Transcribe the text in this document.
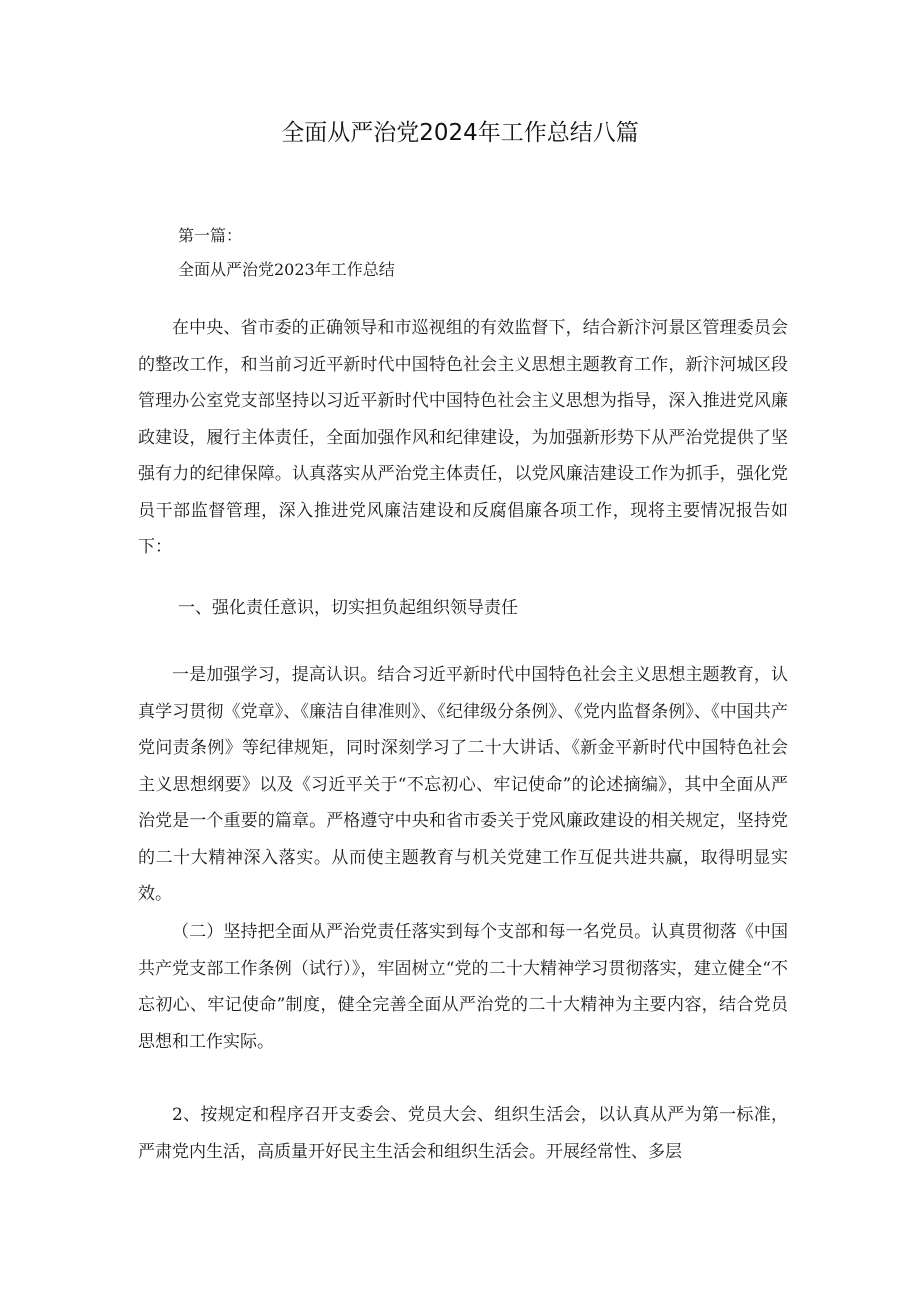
全面从严治党2024年工作总结八篇
第一篇：
全面从严治党2023年工作总结

在中央、省市委的正确领导和市巡视组的有效监督下，结合新汴河景区管理委员会的整改工作，和当前习近平新时代中国特色社会主义思想主题教育工作，新汴河城区段管理办公室党支部坚持以习近平新时代中国特色社会主义思想为指导，深入推进党风廉政建设，履行主体责任，全面加强作风和纪律建设，为加强新形势下从严治党提供了坚强有力的纪律保障。认真落实从严治党主体责任，以党风廉洁建设工作为抓手，强化党员干部监督管理，深入推进党风廉洁建设和反腐倡廉各项工作，现将主要情况报告如下：

一、强化责任意识，切实担负起组织领导责任

一是加强学习，提高认识。结合习近平新时代中国特色社会主义思想主题教育，认真学习贯彻《党章》、《廉洁自律准则》、《纪律级分条例》、《党内监督条例》、《中国共产党问责条例》等纪律规矩，同时深刻学习了二十大讲话、《新金平新时代中国特色社会主义思想纲要》以及《习近平关于“不忘初心、牢记使命”的论述摘编》，其中全面从严治党是一个重要的篇章。严格遵守中央和省市委关于党风廉政建设的相关规定，坚持党的二十大精神深入落实。从而使主题教育与机关党建工作互促共进共赢，取得明显实效。

（二）坚持把全面从严治党责任落实到每个支部和每一名党员。认真贯彻落《中国共产党支部工作条例（试行）》，牢固树立“党的二十大精神学习贯彻落实，建立健全“不忘初心、牢记使命”制度，健全完善全面从严治党的二十大精神为主要内容，结合党员思想和工作实际。

2、按规定和程序召开支委会、党员大会、组织生活会，以认真从严为第一标准，严肃党内生活，高质量开好民主生活会和组织生活会。开展经常性、多层
